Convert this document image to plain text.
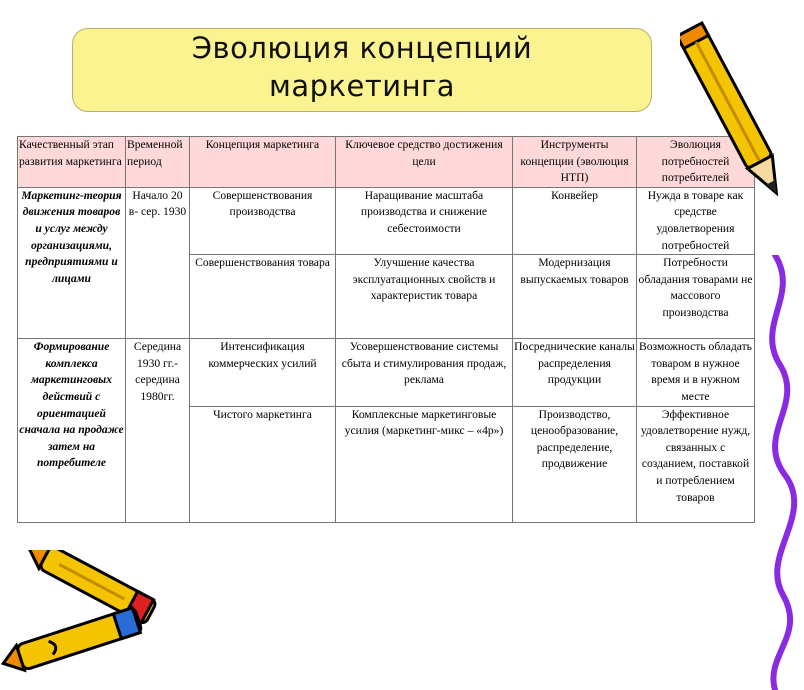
Эволюция концепций
маркетинга
Качественный этап развития маркетинга	Временной период	Концепция маркетинга	Ключевое средство достижения цели	Инструменты концепции (эволюция НТП)	Эволюция потребностей потребителей
Маркетинг-теория движения товаров и услуг между организациями, предприятиями и лицами	Начало 20 в- сер. 1930	Совершенствования производства	Наращивание масштаба производства и снижение себестоимости	Конвейер	Нужда в товаре как средстве удовлетворения потребностей
		Совершенствования товара	Улучшение качества эксплуатационных свойств и характеристик товара	Модернизация выпускаемых товаров	Потребности обладания товарами не массового производства
Формирование комплекса маркетинговых действий с ориентацией сначала на продаже затем на потребителе	Середина 1930 гг.- середина 1980гг.	Интенсификация коммерческих усилий	Усовершенствование системы сбыта и стимулирования продаж, реклама	Посреднические каналы распределения продукции	Возможность обладать товаром в нужное время и в нужном месте
		Чистого маркетинга	Комплексные маркетинговые усилия (маркетинг-микс – «4р»)	Производство, ценообразование, распределение, продвижение	Эффективное удовлетворение нужд, связанных с созданием, поставкой и потреблением товаров
